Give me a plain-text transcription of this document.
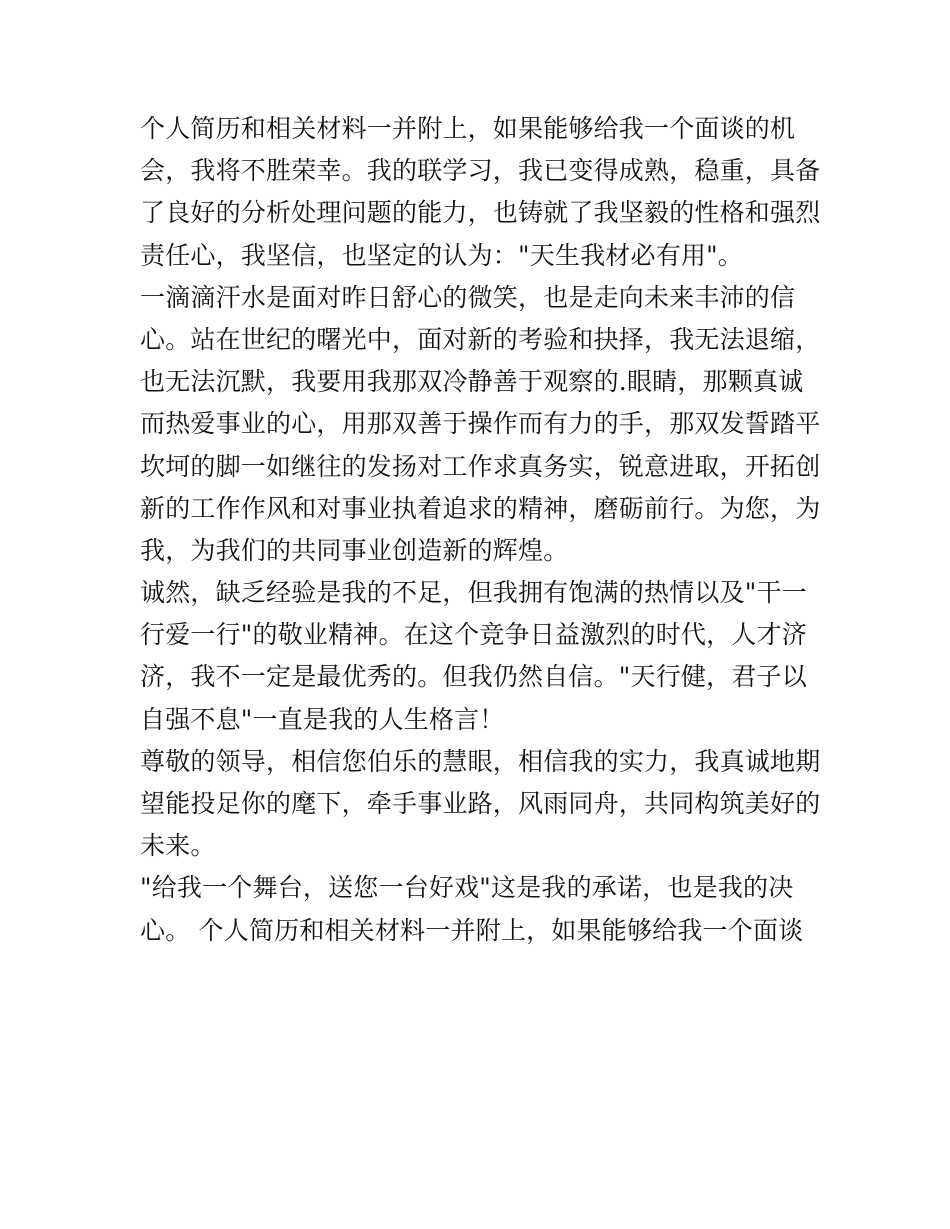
个人简历和相关材料一并附上，如果能够给我一个面谈的机
会，我将不胜荣幸。我的联学习，我已变得成熟，稳重，具备
了良好的分析处理问题的能力，也铸就了我坚毅的性格和强烈
责任心，我坚信，也坚定的认为："天生我材必有用"。
一滴滴汗水是面对昨日舒心的微笑，也是走向未来丰沛的信
心。站在世纪的曙光中，面对新的考验和抉择，我无法退缩，
也无法沉默，我要用我那双冷静善于观察的.眼睛，那颗真诚
而热爱事业的心，用那双善于操作而有力的手，那双发誓踏平
坎坷的脚一如继往的发扬对工作求真务实，锐意进取，开拓创
新的工作作风和对事业执着追求的精神，磨砺前行。为您，为
我，为我们的共同事业创造新的辉煌。
诚然，缺乏经验是我的不足，但我拥有饱满的热情以及"干一
行爱一行"的敬业精神。在这个竞争日益激烈的时代，人才济
济，我不一定是最优秀的。但我仍然自信。"天行健，君子以
自强不息"一直是我的人生格言！
尊敬的领导，相信您伯乐的慧眼，相信我的实力，我真诚地期
望能投足你的麾下，牵手事业路，风雨同舟，共同构筑美好的
未来。
"给我一个舞台，送您一台好戏"这是我的承诺，也是我的决
心。 个人简历和相关材料一并附上，如果能够给我一个面谈
